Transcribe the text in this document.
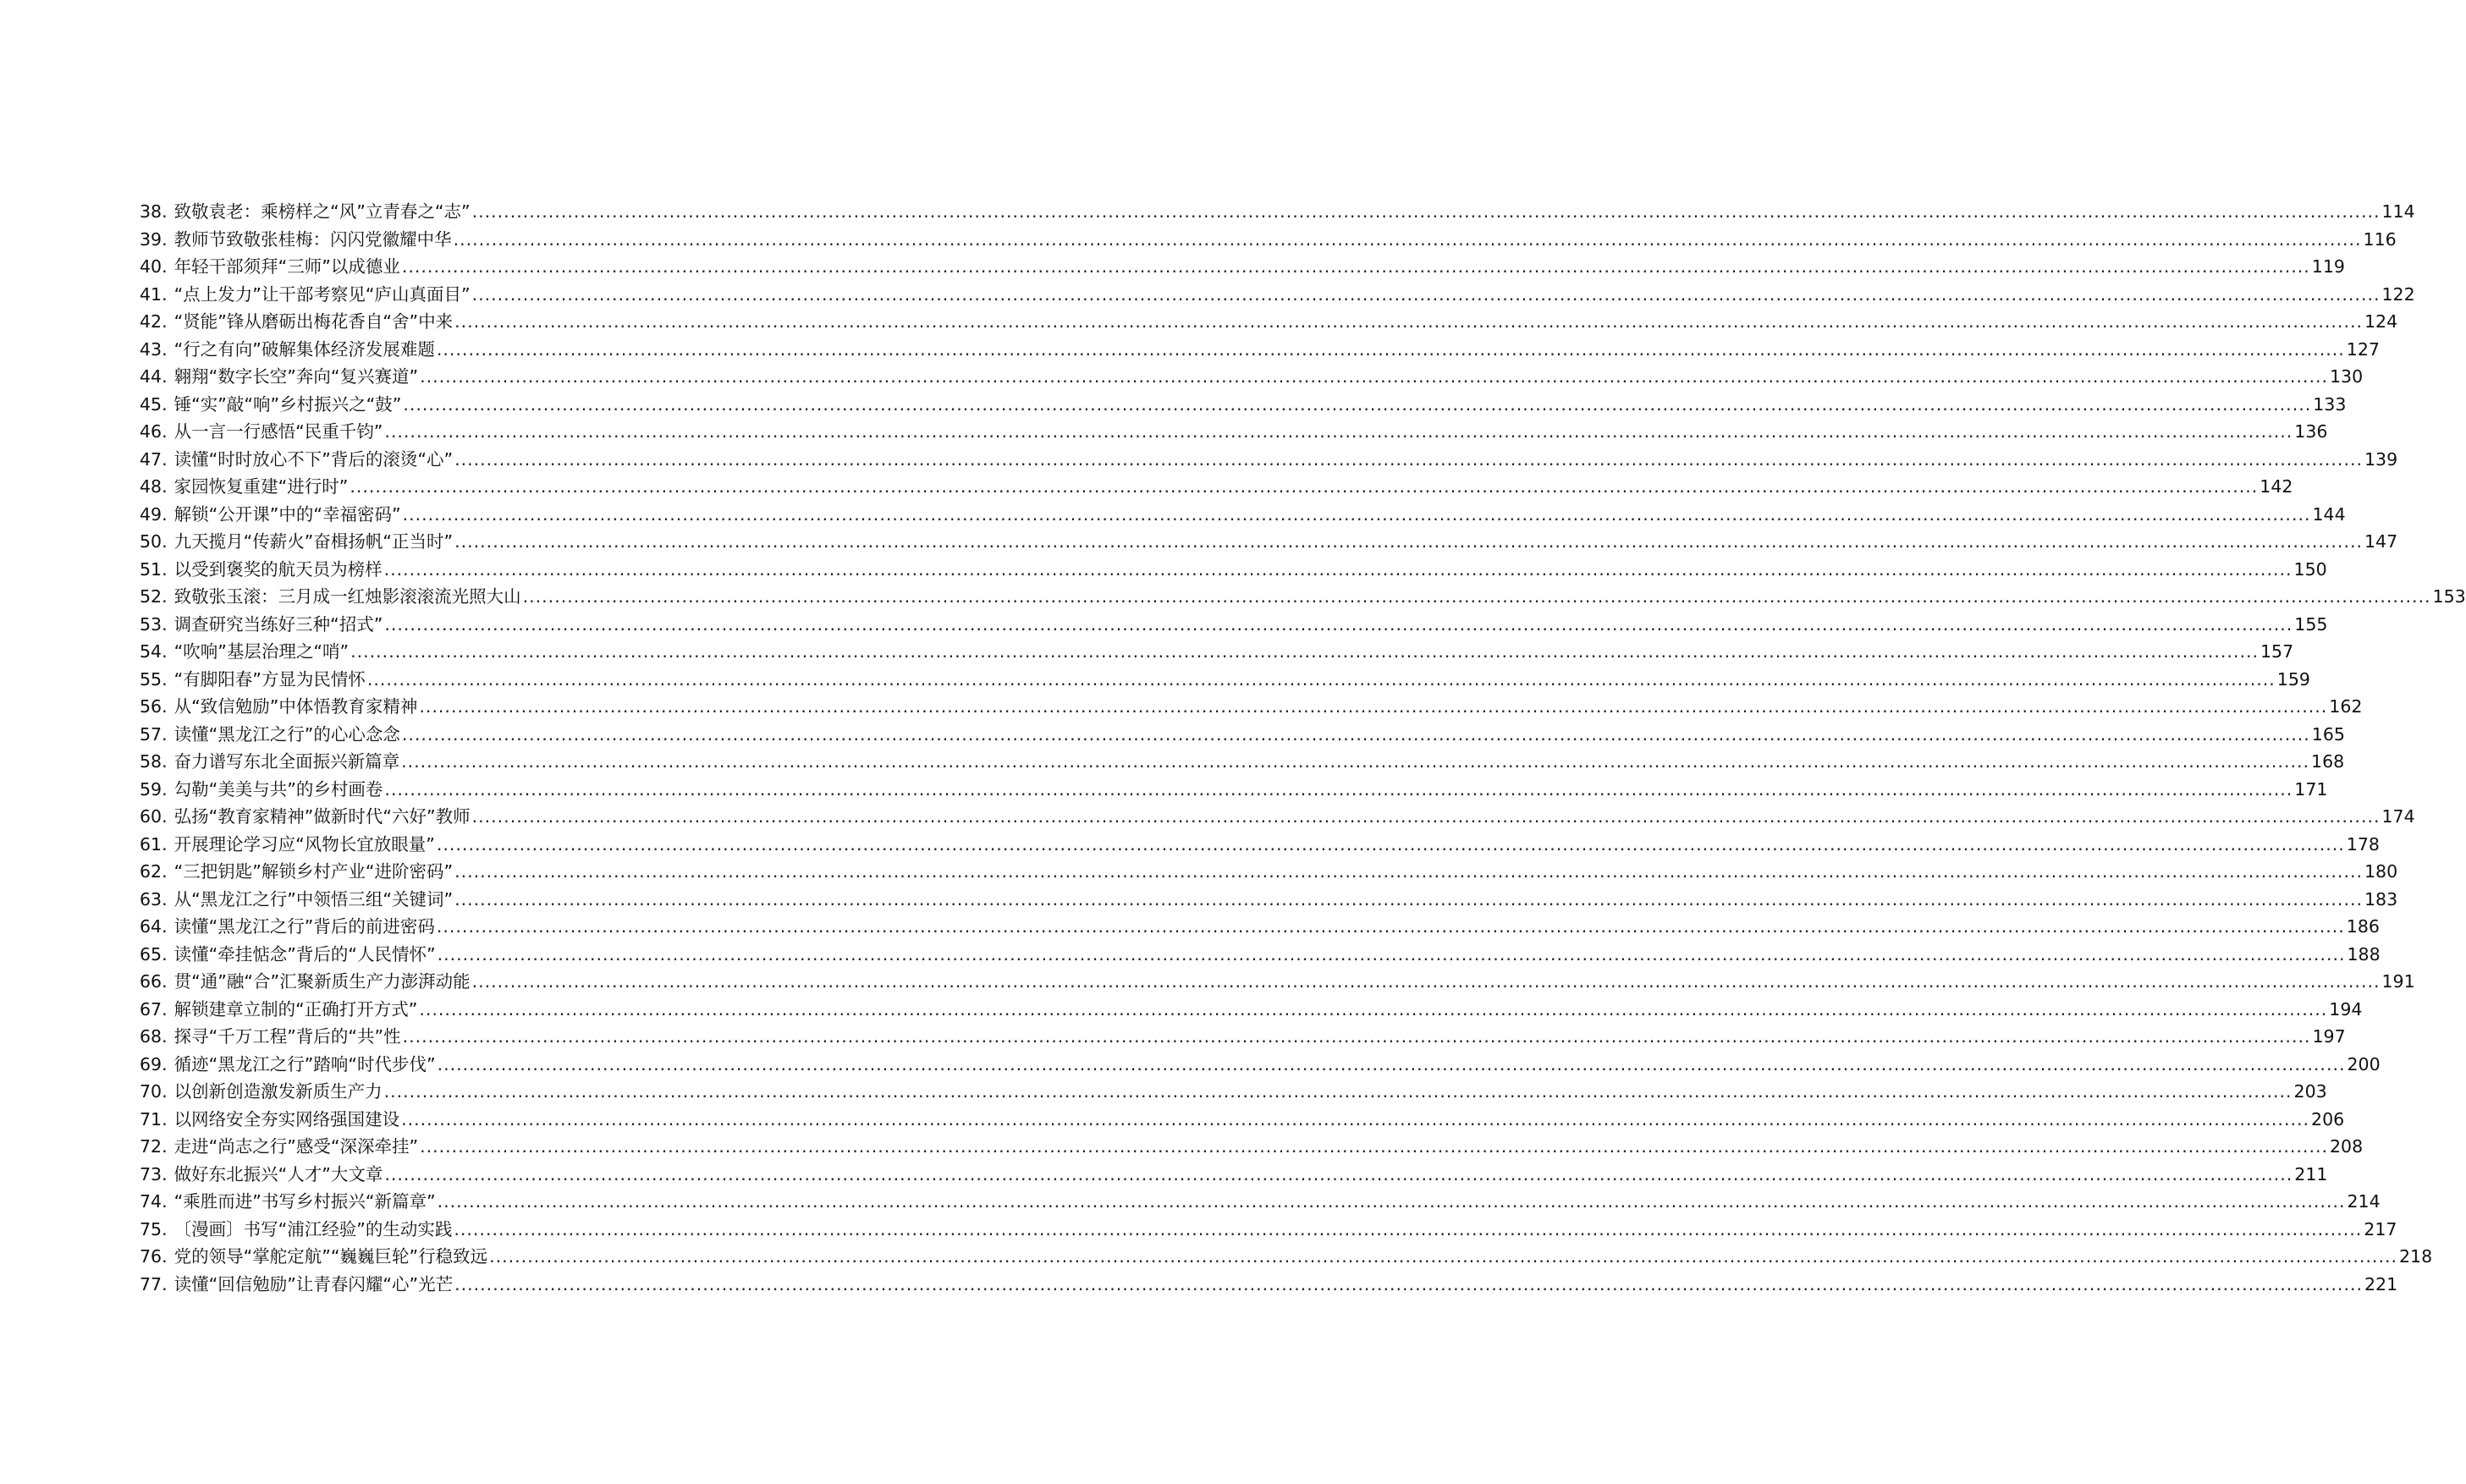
38. 致敬袁老：乘榜样之“风”立青春之“志” ............................................................................................................................................................................................................................................................................................................ 114
39. 教师节致敬张桂梅：闪闪党徽耀中华 ............................................................................................................................................................................................................................................................................................................ 116
40. 年轻干部须拜“三师”以成德业 ............................................................................................................................................................................................................................................................................................................ 119
41. “点上发力”让干部考察见“庐山真面目” ............................................................................................................................................................................................................................................................................................................ 122
42. “贤能”锋从磨砺出梅花香自“舍”中来 ............................................................................................................................................................................................................................................................................................................ 124
43. “行之有向”破解集体经济发展难题 ............................................................................................................................................................................................................................................................................................................ 127
44. 翱翔“数字长空”奔向“复兴赛道” ............................................................................................................................................................................................................................................................................................................ 130
45. 锤“实”敲“响”乡村振兴之“鼓” ............................................................................................................................................................................................................................................................................................................ 133
46. 从一言一行感悟“民重千钧” ............................................................................................................................................................................................................................................................................................................ 136
47. 读懂“时时放心不下”背后的滚烫“心” ............................................................................................................................................................................................................................................................................................................ 139
48. 家园恢复重建“进行时” ............................................................................................................................................................................................................................................................................................................ 142
49. 解锁“公开课”中的“幸福密码” ............................................................................................................................................................................................................................................................................................................ 144
50. 九天揽月“传薪火”奋楫扬帆“正当时” ............................................................................................................................................................................................................................................................................................................ 147
51. 以受到褒奖的航天员为榜样 ............................................................................................................................................................................................................................................................................................................ 150
52. 致敬张玉滚：三月成一红烛影滚滚流光照大山 ............................................................................................................................................................................................................................................................................................................ 153
53. 调查研究当练好三种“招式” ............................................................................................................................................................................................................................................................................................................ 155
54. “吹响”基层治理之“哨” ............................................................................................................................................................................................................................................................................................................ 157
55. “有脚阳春”方显为民情怀 ............................................................................................................................................................................................................................................................................................................ 159
56. 从“致信勉励”中体悟教育家精神 ............................................................................................................................................................................................................................................................................................................ 162
57. 读懂“黑龙江之行”的心心念念 ............................................................................................................................................................................................................................................................................................................ 165
58. 奋力谱写东北全面振兴新篇章 ............................................................................................................................................................................................................................................................................................................ 168
59. 勾勒“美美与共”的乡村画卷 ............................................................................................................................................................................................................................................................................................................ 171
60. 弘扬“教育家精神”做新时代“六好”教师 ............................................................................................................................................................................................................................................................................................................ 174
61. 开展理论学习应“风物长宜放眼量” ............................................................................................................................................................................................................................................................................................................ 178
62. “三把钥匙”解锁乡村产业“进阶密码” ............................................................................................................................................................................................................................................................................................................ 180
63. 从“黑龙江之行”中领悟三组“关键词” ............................................................................................................................................................................................................................................................................................................ 183
64. 读懂“黑龙江之行”背后的前进密码 ............................................................................................................................................................................................................................................................................................................ 186
65. 读懂“牵挂惦念”背后的“人民情怀” ............................................................................................................................................................................................................................................................................................................ 188
66. 贯“通”融“合”汇聚新质生产力澎湃动能 ............................................................................................................................................................................................................................................................................................................ 191
67. 解锁建章立制的“正确打开方式” ............................................................................................................................................................................................................................................................................................................ 194
68. 探寻“千万工程”背后的“共”性 ............................................................................................................................................................................................................................................................................................................ 197
69. 循迹“黑龙江之行”踏响“时代步伐” ............................................................................................................................................................................................................................................................................................................ 200
70. 以创新创造激发新质生产力 ............................................................................................................................................................................................................................................................................................................ 203
71. 以网络安全夯实网络强国建设 ............................................................................................................................................................................................................................................................................................................ 206
72. 走进“尚志之行”感受“深深牵挂” ............................................................................................................................................................................................................................................................................................................ 208
73. 做好东北振兴“人才”大文章 ............................................................................................................................................................................................................................................................................................................ 211
74. “乘胜而进”书写乡村振兴“新篇章” ............................................................................................................................................................................................................................................................................................................ 214
75. 〔漫画〕书写“浦江经验”的生动实践 ............................................................................................................................................................................................................................................................................................................ 217
76. 党的领导“掌舵定航”“巍巍巨轮”行稳致远 ............................................................................................................................................................................................................................................................................................................ 218
77. 读懂“回信勉励”让青春闪耀“心”光芒 ............................................................................................................................................................................................................................................................................................................ 221
